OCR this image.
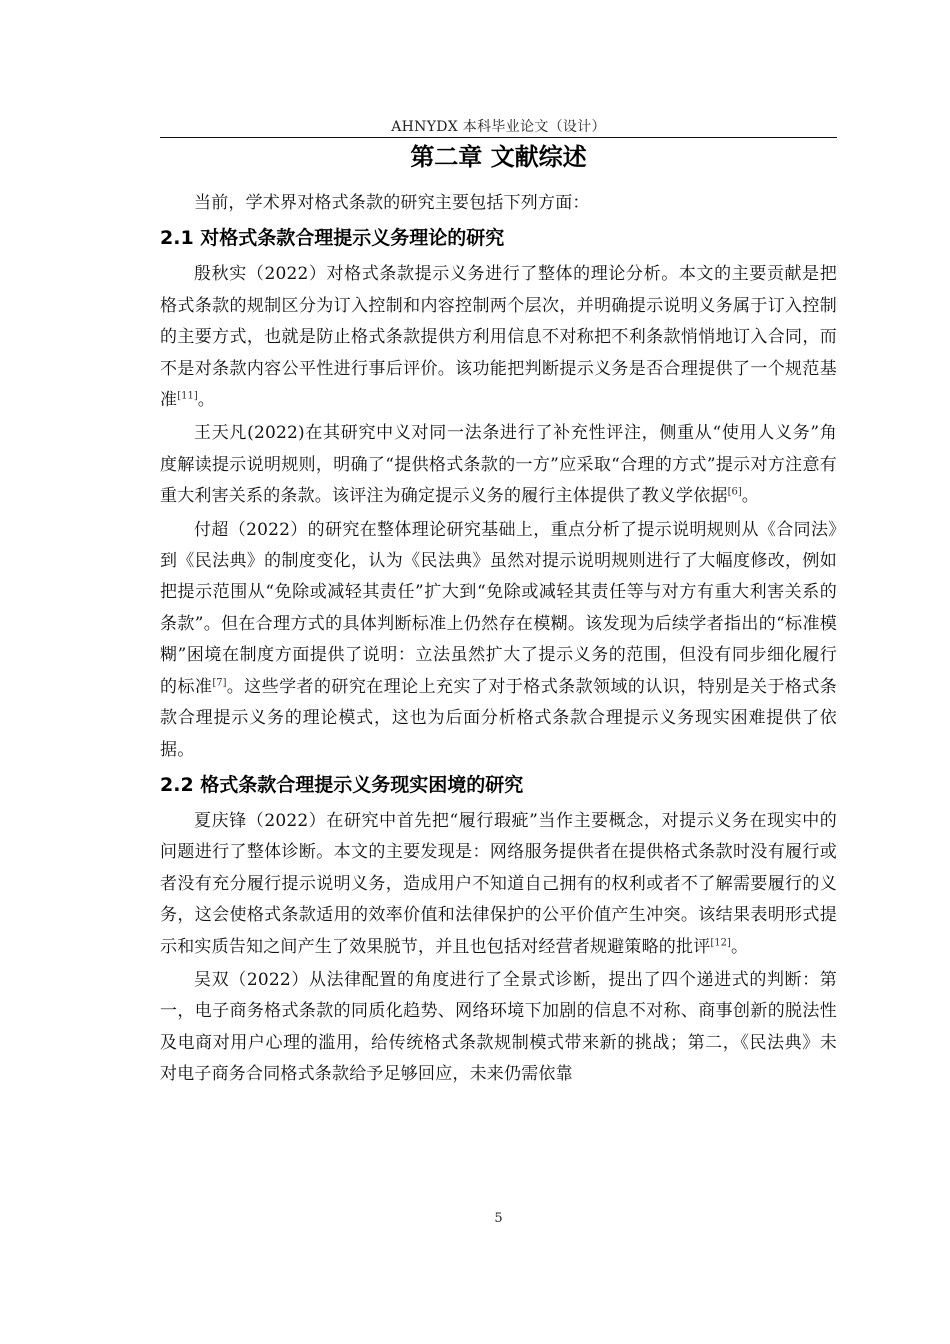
AHNYDX 本科毕业论文（设计）
第二章 文献综述

当前，学术界对格式条款的研究主要包括下列方面：

2.1 对格式条款合理提示义务理论的研究

殷秋实（2022）对格式条款提示义务进行了整体的理论分析。本文的主要贡献是把格式条款的规制区分为订入控制和内容控制两个层次，并明确提示说明义务属于订入控制的主要方式，也就是防止格式条款提供方利用信息不对称把不利条款悄悄地订入合同，而不是对条款内容公平性进行事后评价。该功能把判断提示义务是否合理提供了一个规范基准[11]。

王天凡(2022)在其研究中义对同一法条进行了补充性评注，侧重从“使用人义务”角度解读提示说明规则，明确了“提供格式条款的一方”应采取“合理的方式”提示对方注意有重大利害关系的条款。该评注为确定提示义务的履行主体提供了教义学依据[6]。

付超（2022）的研究在整体理论研究基础上，重点分析了提示说明规则从《合同法》到《民法典》的制度变化，认为《民法典》虽然对提示说明规则进行了大幅度修改，例如把提示范围从“免除或减轻其责任”扩大到“免除或减轻其责任等与对方有重大利害关系的条款”。但在合理方式的具体判断标准上仍然存在模糊。该发现为后续学者指出的“标准模糊”困境在制度方面提供了说明：立法虽然扩大了提示义务的范围，但没有同步细化履行的标准[7]。这些学者的研究在理论上充实了对于格式条款领域的认识，特别是关于格式条款合理提示义务的理论模式，这也为后面分析格式条款合理提示义务现实困难提供了依据。

2.2 格式条款合理提示义务现实困境的研究

夏庆锋（2022）在研究中首先把“履行瑕疵”当作主要概念，对提示义务在现实中的问题进行了整体诊断。本文的主要发现是：网络服务提供者在提供格式条款时没有履行或者没有充分履行提示说明义务，造成用户不知道自己拥有的权利或者不了解需要履行的义务，这会使格式条款适用的效率价值和法律保护的公平价值产生冲突。该结果表明形式提示和实质告知之间产生了效果脱节，并且也包括对经营者规避策略的批评[12]。

吴双（2022）从法律配置的角度进行了全景式诊断，提出了四个递进式的判断：第一，电子商务格式条款的同质化趋势、网络环境下加剧的信息不对称、商事创新的脱法性及电商对用户心理的滥用，给传统格式条款规制模式带来新的挑战；第二，《民法典》未对电子商务合同格式条款给予足够回应，未来仍需依靠

5
